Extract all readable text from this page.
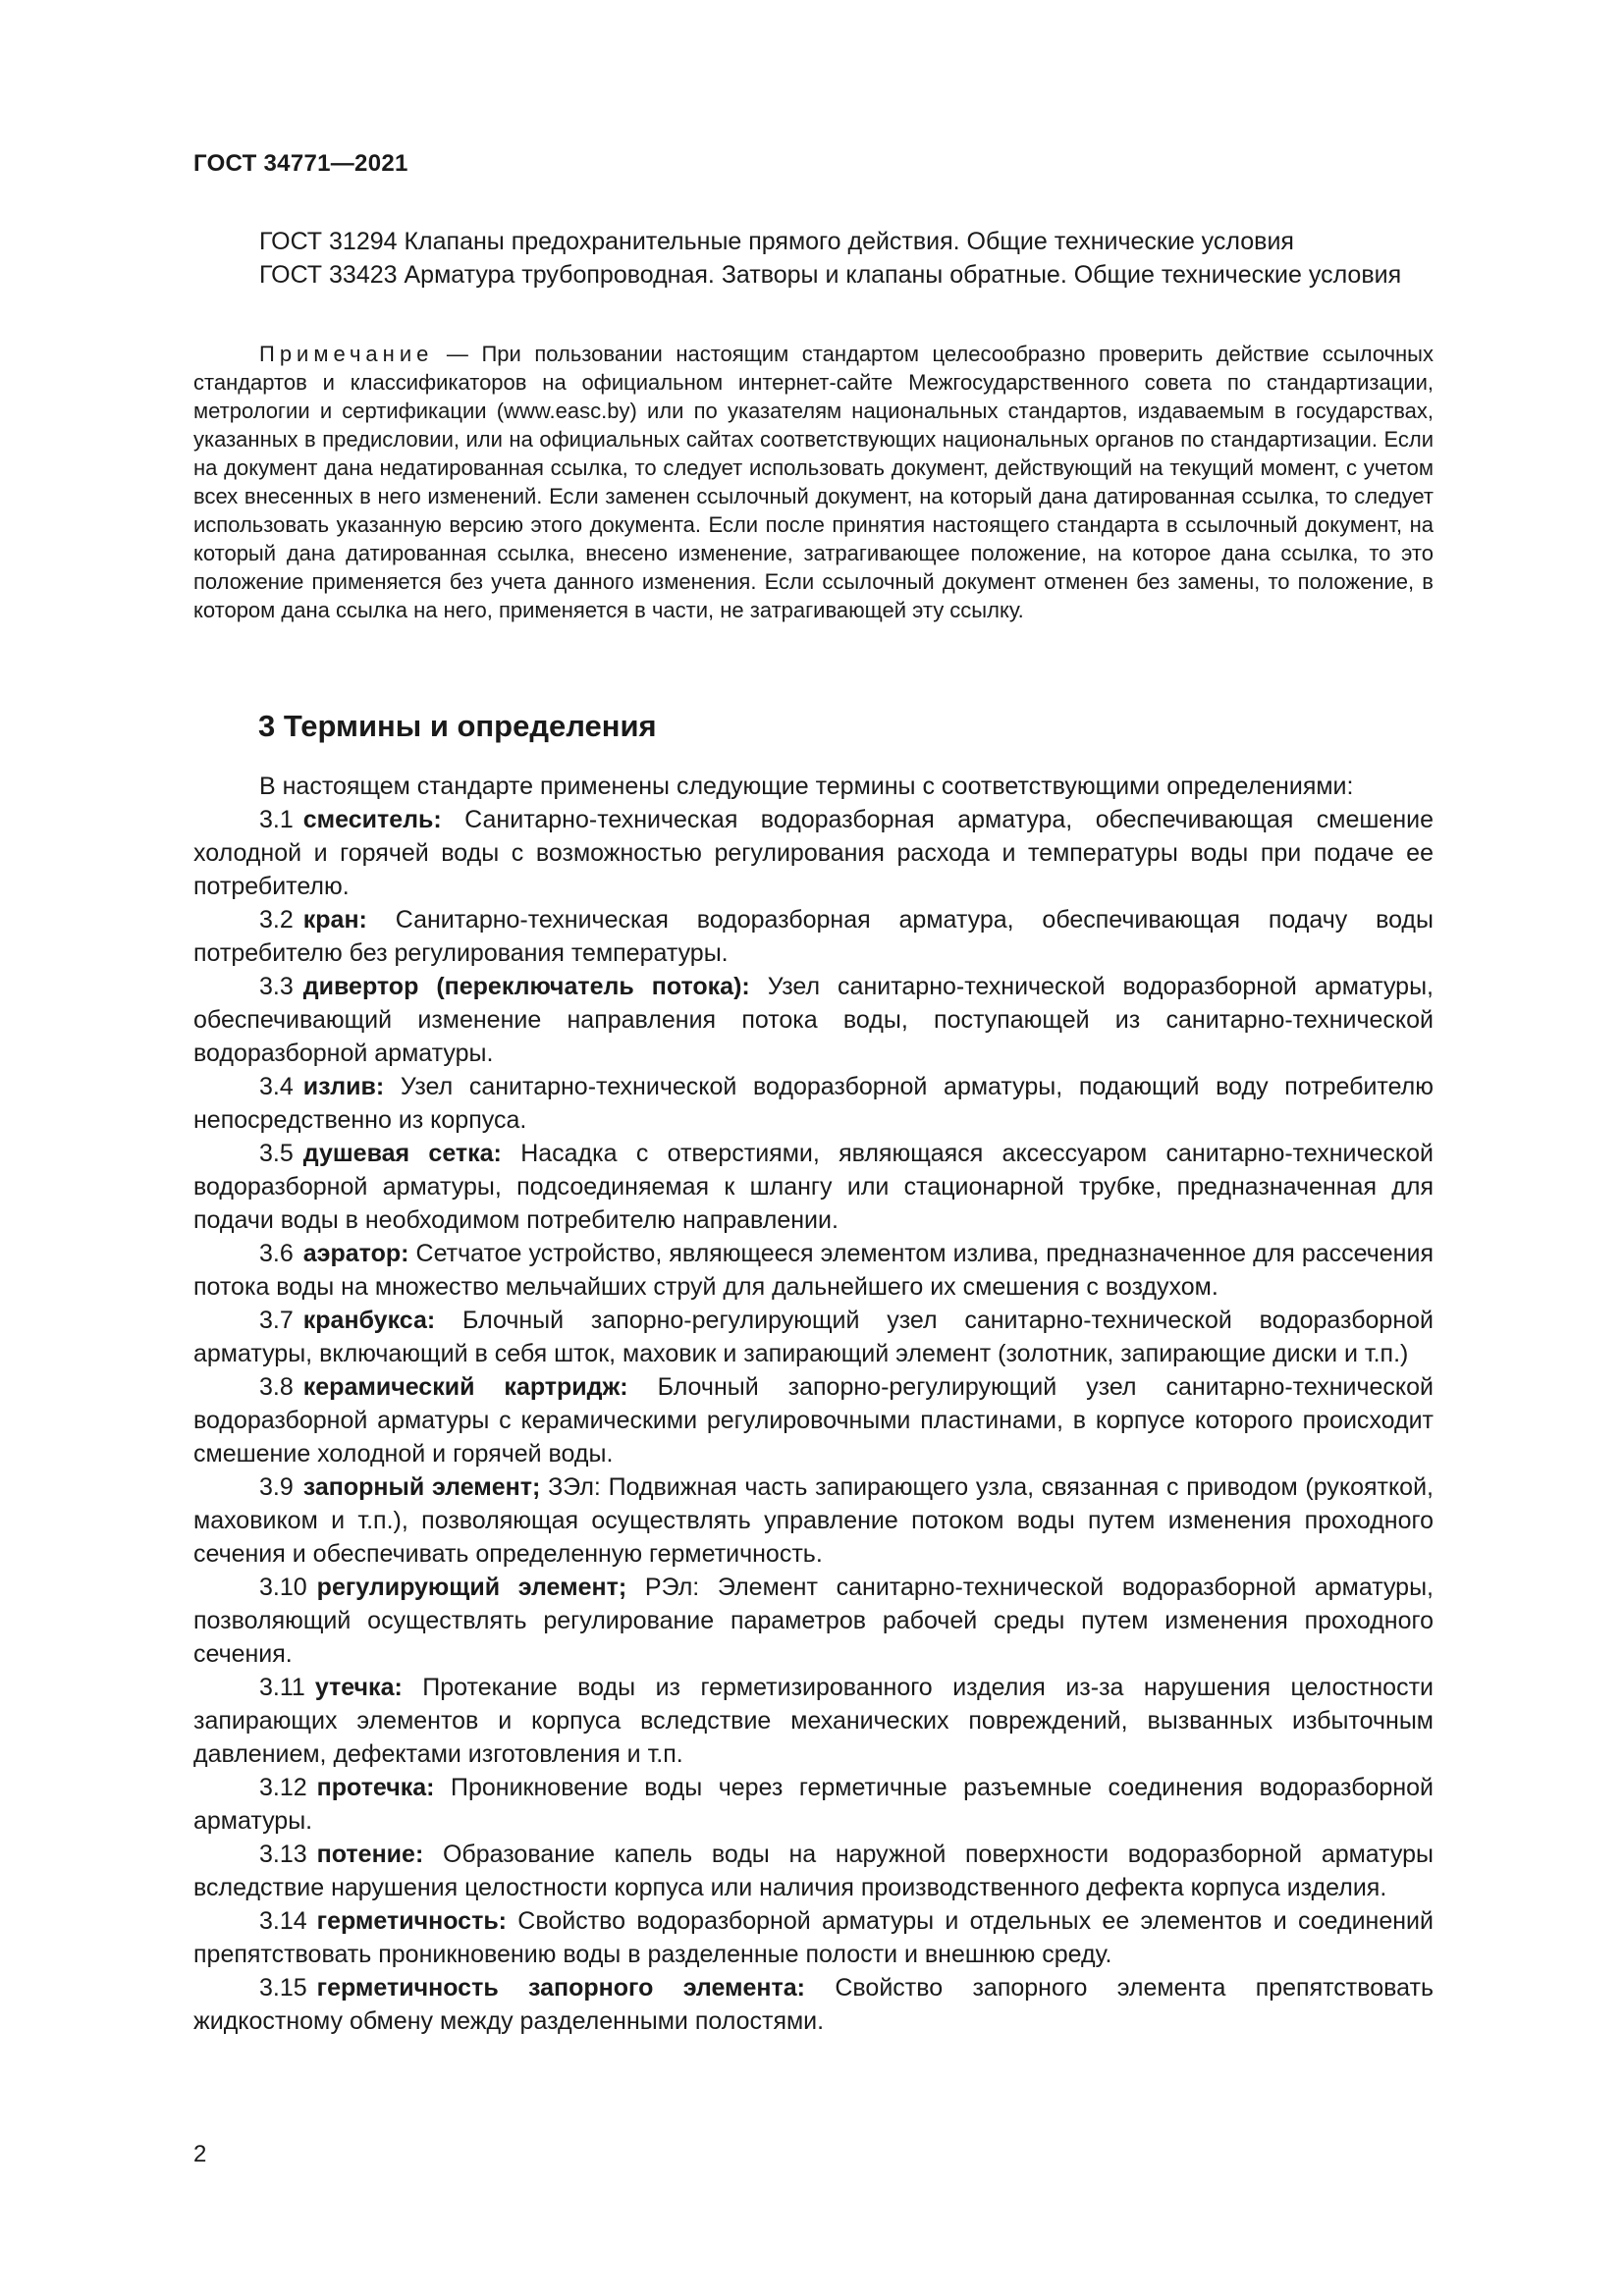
ГОСТ 34771—2021

ГОСТ 31294 Клапаны предохранительные прямого действия. Общие технические условия

ГОСТ 33423 Арматура трубопроводная. Затворы и клапаны обратные. Общие технические условия

Примечание — При пользовании настоящим стандартом целесообразно проверить действие ссылочных стандартов и классификаторов на официальном интернет-сайте Межгосударственного совета по стандартизации, метрологии и сертификации (www.easc.by) или по указателям национальных стандартов, издаваемым в государствах, указанных в предисловии, или на официальных сайтах соответствующих национальных органов по стандартизации. Если на документ дана недатированная ссылка, то следует использовать документ, действующий на текущий момент, с учетом всех внесенных в него изменений. Если заменен ссылочный документ, на который дана датированная ссылка, то следует использовать указанную версию этого документа. Если после принятия настоящего стандарта в ссылочный документ, на который дана датированная ссылка, внесено изменение, затрагивающее положение, на которое дана ссылка, то это положение применяется без учета данного изменения. Если ссылочный документ отменен без замены, то положение, в котором дана ссылка на него, применяется в части, не затрагивающей эту ссылку.

3 Термины и определения

В настоящем стандарте применены следующие термины с соответствующими определениями:

3.1 смеситель: Санитарно-техническая водоразборная арматура, обеспечивающая смешение холодной и горячей воды с возможностью регулирования расхода и температуры воды при подаче ее потребителю.

3.2 кран: Санитарно-техническая водоразборная арматура, обеспечивающая подачу воды потребителю без регулирования температуры.

3.3 дивертор (переключатель потока): Узел санитарно-технической водоразборной арматуры, обеспечивающий изменение направления потока воды, поступающей из санитарно-технической водоразборной арматуры.

3.4 излив: Узел санитарно-технической водоразборной арматуры, подающий воду потребителю непосредственно из корпуса.

3.5 душевая сетка: Насадка с отверстиями, являющаяся аксессуаром санитарно-технической водоразборной арматуры, подсоединяемая к шлангу или стационарной трубке, предназначенная для подачи воды в необходимом потребителю направлении.

3.6 аэратор: Сетчатое устройство, являющееся элементом излива, предназначенное для рассечения потока воды на множество мельчайших струй для дальнейшего их смешения с воздухом.

3.7 кранбукса: Блочный запорно-регулирующий узел санитарно-технической водоразборной арматуры, включающий в себя шток, маховик и запирающий элемент (золотник, запирающие диски и т.п.)

3.8 керамический картридж: Блочный запорно-регулирующий узел санитарно-технической водоразборной арматуры с керамическими регулировочными пластинами, в корпусе которого происходит смешение холодной и горячей воды.

3.9 запорный элемент; ЗЭл: Подвижная часть запирающего узла, связанная с приводом (рукояткой, маховиком и т.п.), позволяющая осуществлять управление потоком воды путем изменения проходного сечения и обеспечивать определенную герметичность.

3.10 регулирующий элемент; РЭл: Элемент санитарно-технической водоразборной арматуры, позволяющий осуществлять регулирование параметров рабочей среды путем изменения проходного сечения.

3.11 утечка: Протекание воды из герметизированного изделия из-за нарушения целостности запирающих элементов и корпуса вследствие механических повреждений, вызванных избыточным давлением, дефектами изготовления и т.п.

3.12 протечка: Проникновение воды через герметичные разъемные соединения водоразборной арматуры.

3.13 потение: Образование капель воды на наружной поверхности водоразборной арматуры вследствие нарушения целостности корпуса или наличия производственного дефекта корпуса изделия.

3.14 герметичность: Свойство водоразборной арматуры и отдельных ее элементов и соединений препятствовать проникновению воды в разделенные полости и внешнюю среду.

3.15 герметичность запорного элемента: Свойство запорного элемента препятствовать жидкостному обмену между разделенными полостями.

2
